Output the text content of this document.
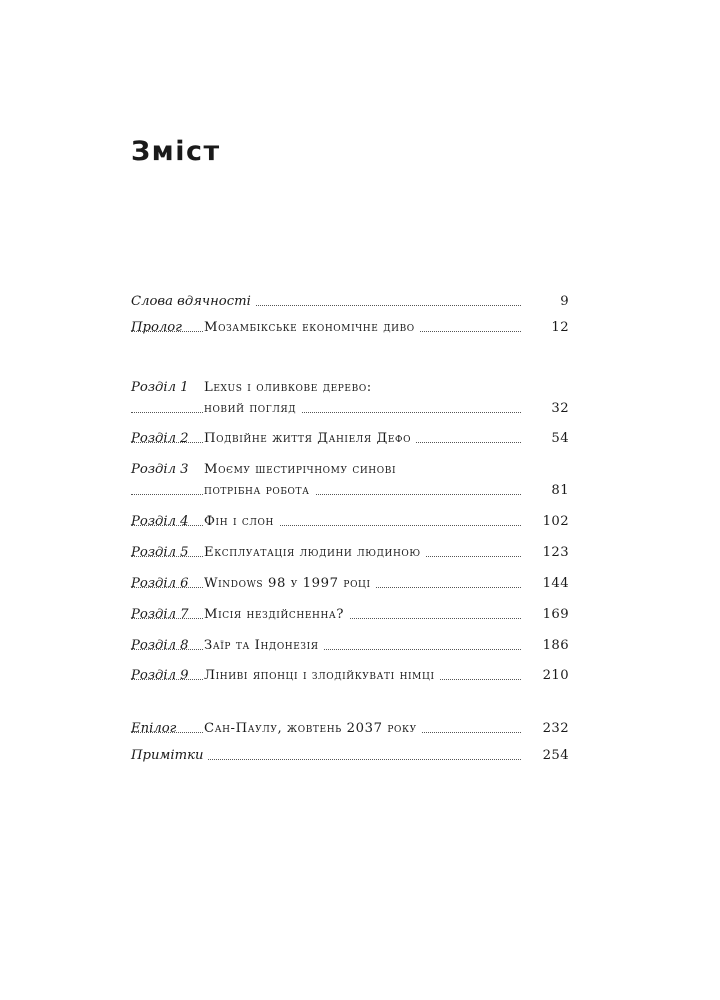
Зміст
Слова вдячності	9
Пролог Мозамбікське економічне диво	12
Розділ 1 Lexus і оливкове дерево:
новий погляд	32
Розділ 2 Подвійне життя Даніеля Дефо	54
Розділ 3 Моєму шестирічному синові
потрібна робота	81
Розділ 4 Фін і слон	102
Розділ 5 Експлуатація людини людиною	123
Розділ 6 Windows 98 у 1997 році	144
Розділ 7 Місія нездійсненна?	169
Розділ 8 Заїр та Індонезія	186
Розділ 9 Ліниві японці і злодійкуваті німці	210
Епілог Сан-Паулу, жовтень 2037 року	232
Примітки	254
